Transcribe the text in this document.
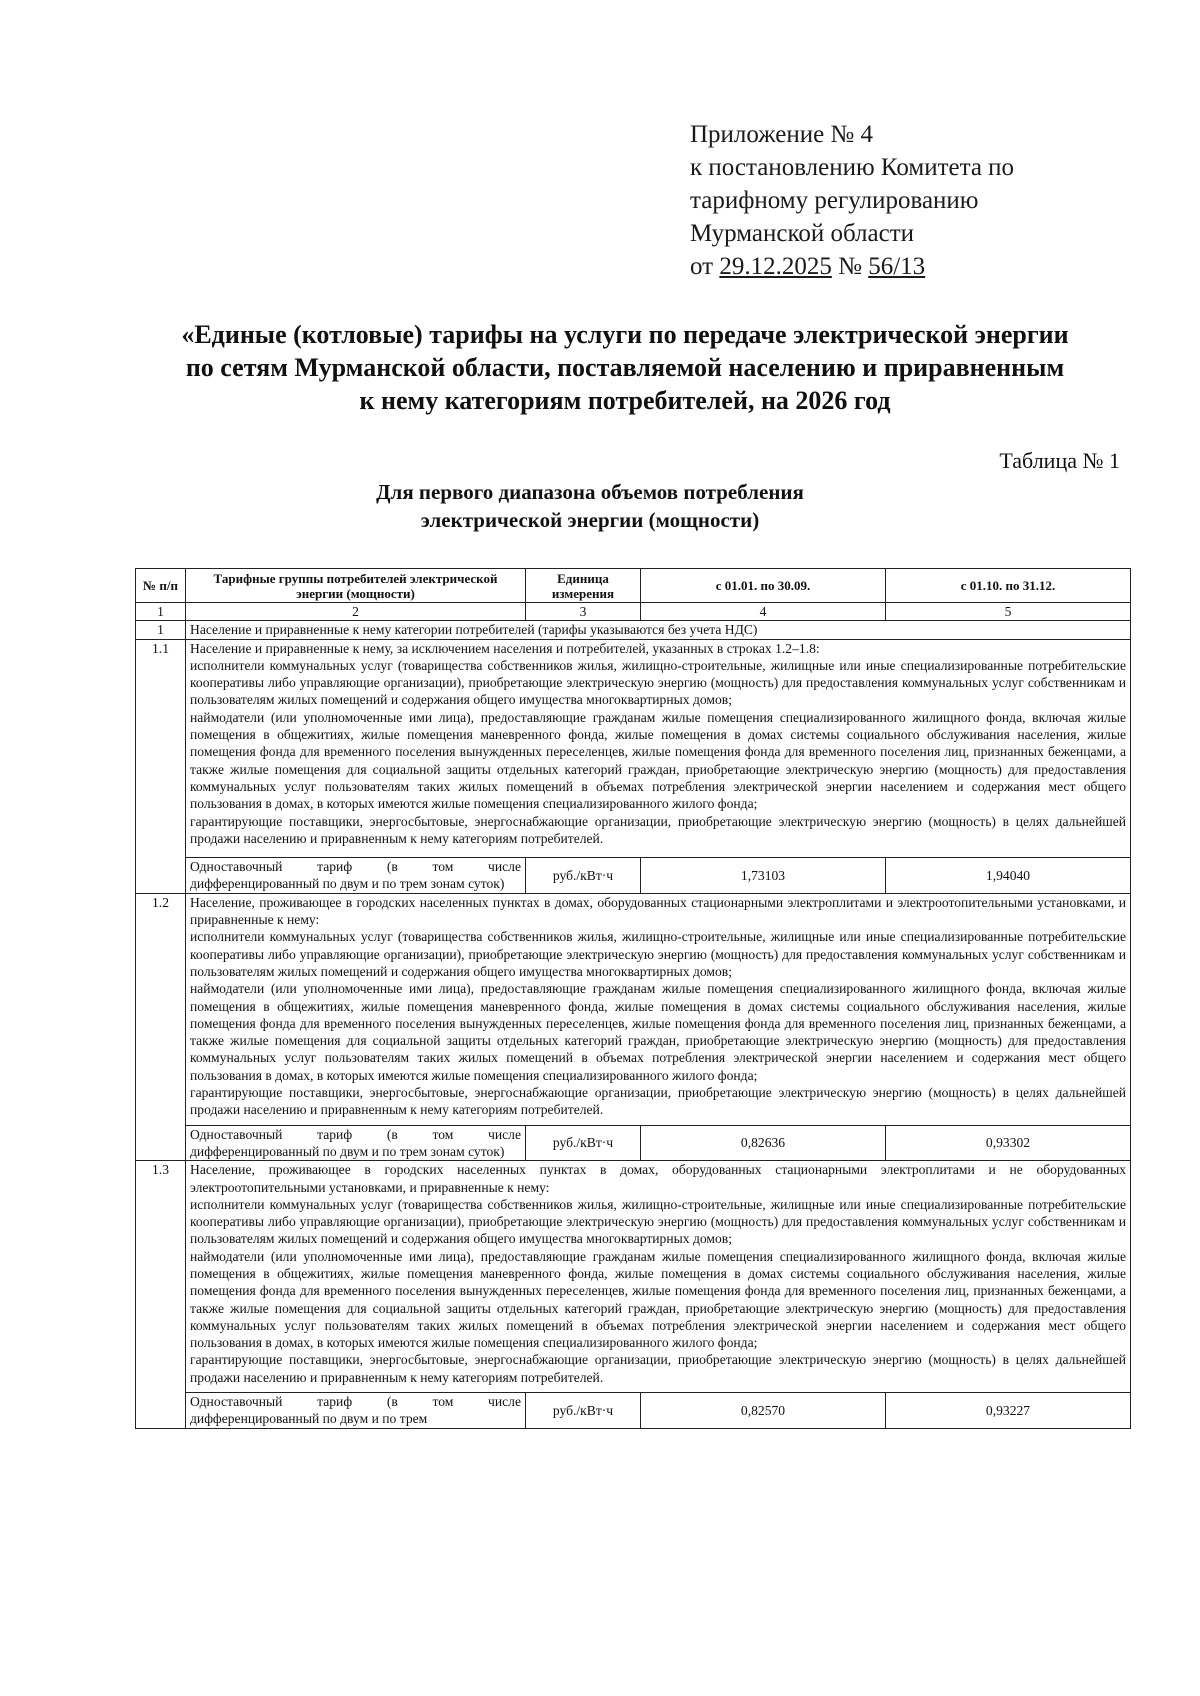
Приложение № 4
к постановлению Комитета по
тарифному регулированию
Мурманской области
от 29.12.2025 № 56/13
«Единые (котловые) тарифы на услуги по передаче электрической энергии
по сетям Мурманской области, поставляемой населению и приравненным
к нему категориям потребителей, на 2026 год
Таблица № 1
Для первого диапазона объемов потребления
электрической энергии (мощности)
№ п/п	Тарифные группы потребителей электрической энергии (мощности)	Единица измерения	с 01.01. по 30.09.	с 01.10. по 31.12.
1	2	3	4	5
1	Население и приравненные к нему категории потребителей (тарифы указываются без учета НДС)			
1.1	Население и приравненные к нему, за исключением населения и потребителей, указанных в строках 1.2–1.8:

исполнители коммунальных услуг (товарищества собственников жилья, жилищно-строительные, жилищные или иные специализированные потребительские кооперативы либо управляющие организации), приобретающие электрическую энергию (мощность) для предоставления коммунальных услуг собственникам и пользователям жилых помещений и содержания общего имущества многоквартирных домов;

наймодатели (или уполномоченные ими лица), предоставляющие гражданам жилые помещения специализированного жилищного фонда, включая жилые помещения в общежитиях, жилые помещения маневренного фонда, жилые помещения в домах системы социального обслуживания населения, жилые помещения фонда для временного поселения вынужденных переселенцев, жилые помещения фонда для временного поселения лиц, признанных беженцами, а также жилые помещения для социальной защиты отдельных категорий граждан, приобретающие электрическую энергию (мощность) для предоставления коммунальных услуг пользователям таких жилых помещений в объемах потребления электрической энергии населением и содержания мест общего пользования в домах, в которых имеются жилые помещения специализированного жилого фонда;

гарантирующие поставщики, энергосбытовые, энергоснабжающие организации, приобретающие электрическую энергию (мощность) в целях дальнейшей продажи населению и приравненным к нему категориям потребителей.			

	Одноставочный тариф (в том числе дифференцированный по двум и по трем зонам суток)	руб./кВт·ч	1,73103	1,94040
1.2	Население, проживающее в городских населенных пунктах в домах, оборудованных стационарными электроплитами и электроотопительными установками, и приравненные к нему:

исполнители коммунальных услуг (товарищества собственников жилья, жилищно-строительные, жилищные или иные специализированные потребительские кооперативы либо управляющие организации), приобретающие электрическую энергию (мощность) для предоставления коммунальных услуг собственникам и пользователям жилых помещений и содержания общего имущества многоквартирных домов;

наймодатели (или уполномоченные ими лица), предоставляющие гражданам жилые помещения специализированного жилищного фонда, включая жилые помещения в общежитиях, жилые помещения маневренного фонда, жилые помещения в домах системы социального обслуживания населения, жилые помещения фонда для временного поселения вынужденных переселенцев, жилые помещения фонда для временного поселения лиц, признанных беженцами, а также жилые помещения для социальной защиты отдельных категорий граждан, приобретающие электрическую энергию (мощность) для предоставления коммунальных услуг пользователям таких жилых помещений в объемах потребления электрической энергии населением и содержания мест общего пользования в домах, в которых имеются жилые помещения специализированного жилого фонда;

гарантирующие поставщики, энергосбытовые, энергоснабжающие организации, приобретающие электрическую энергию (мощность) в целях дальнейшей продажи населению и приравненным к нему категориям потребителей.			

	Одноставочный тариф (в том числе дифференцированный по двум и по трем зонам суток)	руб./кВт·ч	0,82636	0,93302
1.3	Население, проживающее в городских населенных пунктах в домах, оборудованных стационарными электроплитами и не оборудованных электроотопительными установками, и приравненные к нему:

исполнители коммунальных услуг (товарищества собственников жилья, жилищно-строительные, жилищные или иные специализированные потребительские кооперативы либо управляющие организации), приобретающие электрическую энергию (мощность) для предоставления коммунальных услуг собственникам и пользователям жилых помещений и содержания общего имущества многоквартирных домов;

наймодатели (или уполномоченные ими лица), предоставляющие гражданам жилые помещения специализированного жилищного фонда, включая жилые помещения в общежитиях, жилые помещения маневренного фонда, жилые помещения в домах системы социального обслуживания населения, жилые помещения фонда для временного поселения вынужденных переселенцев, жилые помещения фонда для временного поселения лиц, признанных беженцами, а также жилые помещения для социальной защиты отдельных категорий граждан, приобретающие электрическую энергию (мощность) для предоставления коммунальных услуг пользователям таких жилых помещений в объемах потребления электрической энергии населением и содержания мест общего пользования в домах, в которых имеются жилые помещения специализированного жилого фонда;

гарантирующие поставщики, энергосбытовые, энергоснабжающие организации, приобретающие электрическую энергию (мощность) в целях дальнейшей продажи населению и приравненным к нему категориям потребителей.			

	Одноставочный тариф (в том числе дифференцированный по двум и по трем	руб./кВт·ч	0,82570	0,93227
